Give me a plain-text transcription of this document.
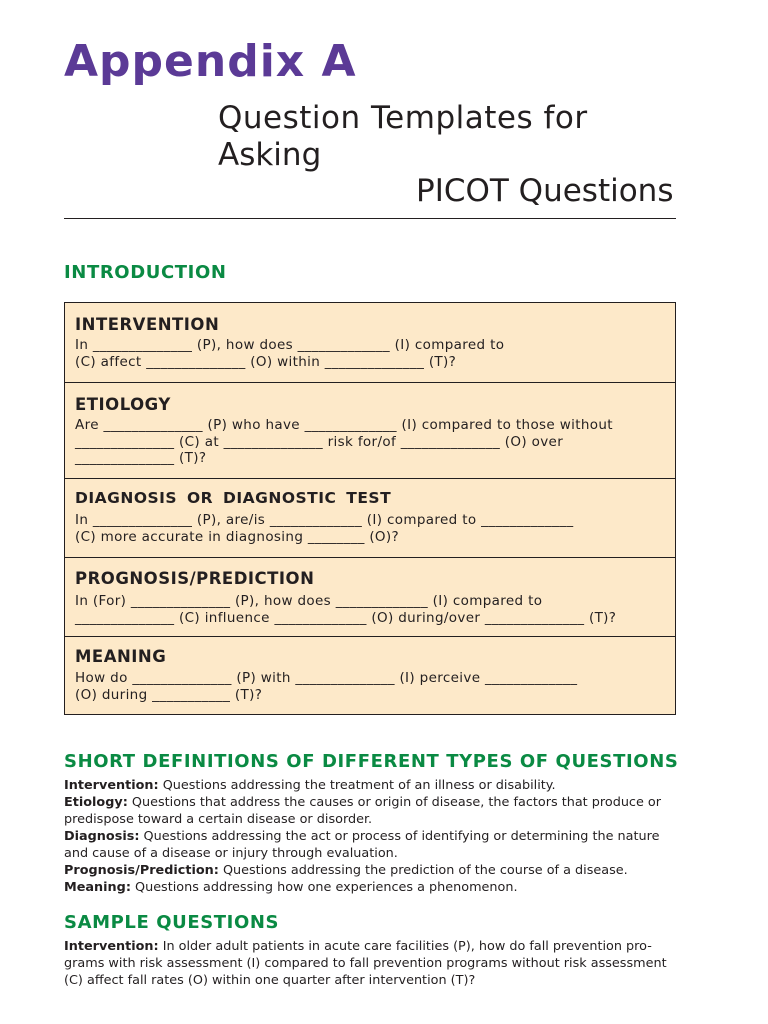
Appendix A
Question Templates for
Asking
PICOT Questions
INTRODUCTION

INTERVENTION

In ______________ (P), how does _____________ (I) compared to
(C) affect ______________ (O) within ______________ (T)?

ETIOLOGY

Are ______________ (P) who have _____________ (I) compared to those without
______________ (C) at ______________ risk for/of ______________ (O) over
______________ (T)?

DIAGNOSIS OR DIAGNOSTIC TEST

In ______________ (P), are/is _____________ (I) compared to _____________
(C) more accurate in diagnosing ________ (O)?

PROGNOSIS/PREDICTION

In (For) ______________ (P), how does _____________ (I) compared to
______________ (C) influence _____________ (O) during/over ______________ (T)?

MEANING

How do ______________ (P) with ______________ (I) perceive _____________
(O) during ___________ (T)?

SHORT DEFINITIONS OF DIFFERENT TYPES OF QUESTIONS

Intervention: Questions addressing the treatment of an illness or disability.

Etiology: Questions that address the causes or origin of disease, the factors that produce or predispose toward a certain disease or disorder.

Diagnosis: Questions addressing the act or process of identifying or determining the nature and cause of a disease or injury through evaluation.

Prognosis/Prediction: Questions addressing the prediction of the course of a disease.

Meaning: Questions addressing how one experiences a phenomenon.

SAMPLE QUESTIONS

Intervention: In older adult patients in acute care facilities (P), how do fall prevention pro- grams with risk assessment (I) compared to fall prevention programs without risk assessment
(C) affect fall rates (O) within one quarter after intervention (T)?
